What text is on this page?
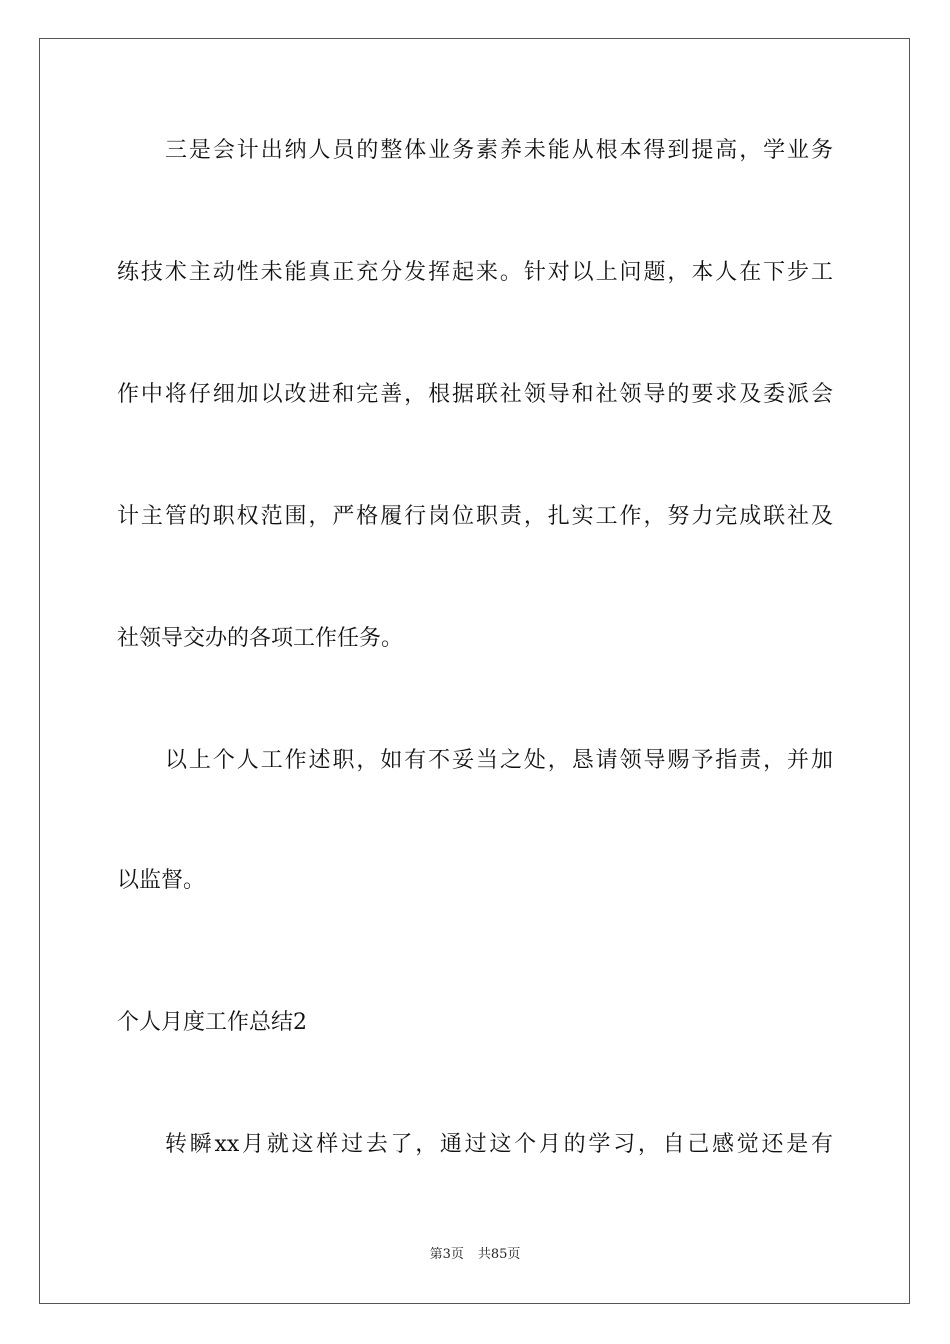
三是会计出纳人员的整体业务素养未能从根本得到提高，学业务
练技术主动性未能真正充分发挥起来。针对以上问题，本人在下步工
作中将仔细加以改进和完善，根据联社领导和社领导的要求及委派会
计主管的职权范围，严格履行岗位职责，扎实工作，努力完成联社及
社领导交办的各项工作任务。
以上个人工作述职，如有不妥当之处，恳请领导赐予指责，并加
以监督。
个人月度工作总结2
转瞬xx月就这样过去了，通过这个月的学习，自己感觉还是有
第3页 共85页
